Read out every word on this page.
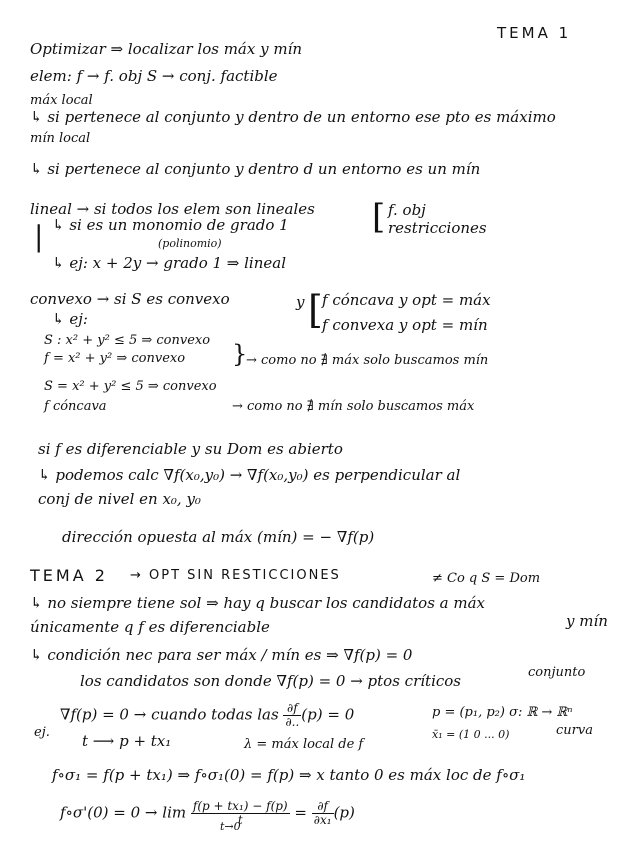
TEMA 1
Optimizar ⇒ localizar los máx y mín
elem: f → f. obj S → conj. factible
máx local
↳ si pertenece al conjunto y dentro de un entorno ese pto es máximo
mín local
↳ si pertenece al conjunto y dentro d un entorno es un mín
lineal → si todos los elem son lineales [ f. obj
restricciones
| ↳ si es un monomio de grado 1
(polinomio)
↳ ej: x + 2y → grado 1 ⇒ lineal
convexo → si S es convexo	y [ f cóncava y opt = máx
f convexa y opt = mín
↳ ej:
S : x² + y² ≤ 5 ⇒ convexo
f = x² + y² ⇒ convexo }
→ como no ∄ máx solo buscamos mín
S = x² + y² ≤ 5 ⇒ convexo
f cóncava	→ como no ∄ mín solo buscamos máx
si f es diferenciable y su Dom es abierto
↳ podemos calc ∇f(x₀,y₀) → ∇f(x₀,y₀) es perpendicular al
conj de nivel en x₀, y₀
dirección opuesta al máx (mín) = − ∇f(p)
TEMA 2 → OPT SIN RESTICCIONES	≠ Co q S = Dom
↳ no siempre tiene sol ⇒ hay q buscar los candidatos a máx
y mín
únicamente q f es diferenciable
↳ condición nec para ser máx / mín es ⇒ ∇f(p) = 0
conjunto
los candidatos son donde ∇f(p) = 0 → ptos críticos
∇f(p) = 0 → cuando todas las $\frac{\partial f}{\partial..} (p) = 0$	p = (p₁, p₂) σ: ℝ → ℝⁿ
curva
ej. t ⟶ p + tx₁	x̄₁ = (1 0 ... 0)
λ = máx local de f
f∘σ₁ = f(p + tx₁) ⇒ f∘σ₁(0) = f(p) ⇒ x tanto 0 es máx loc de f∘σ₁
f∘σ'(0) = $0 \to \lim \frac{\text{f(p + tx₁) − f(p)}}{t} = \frac{\partial f}{\text{∂x₁}} (p)$
t→0
